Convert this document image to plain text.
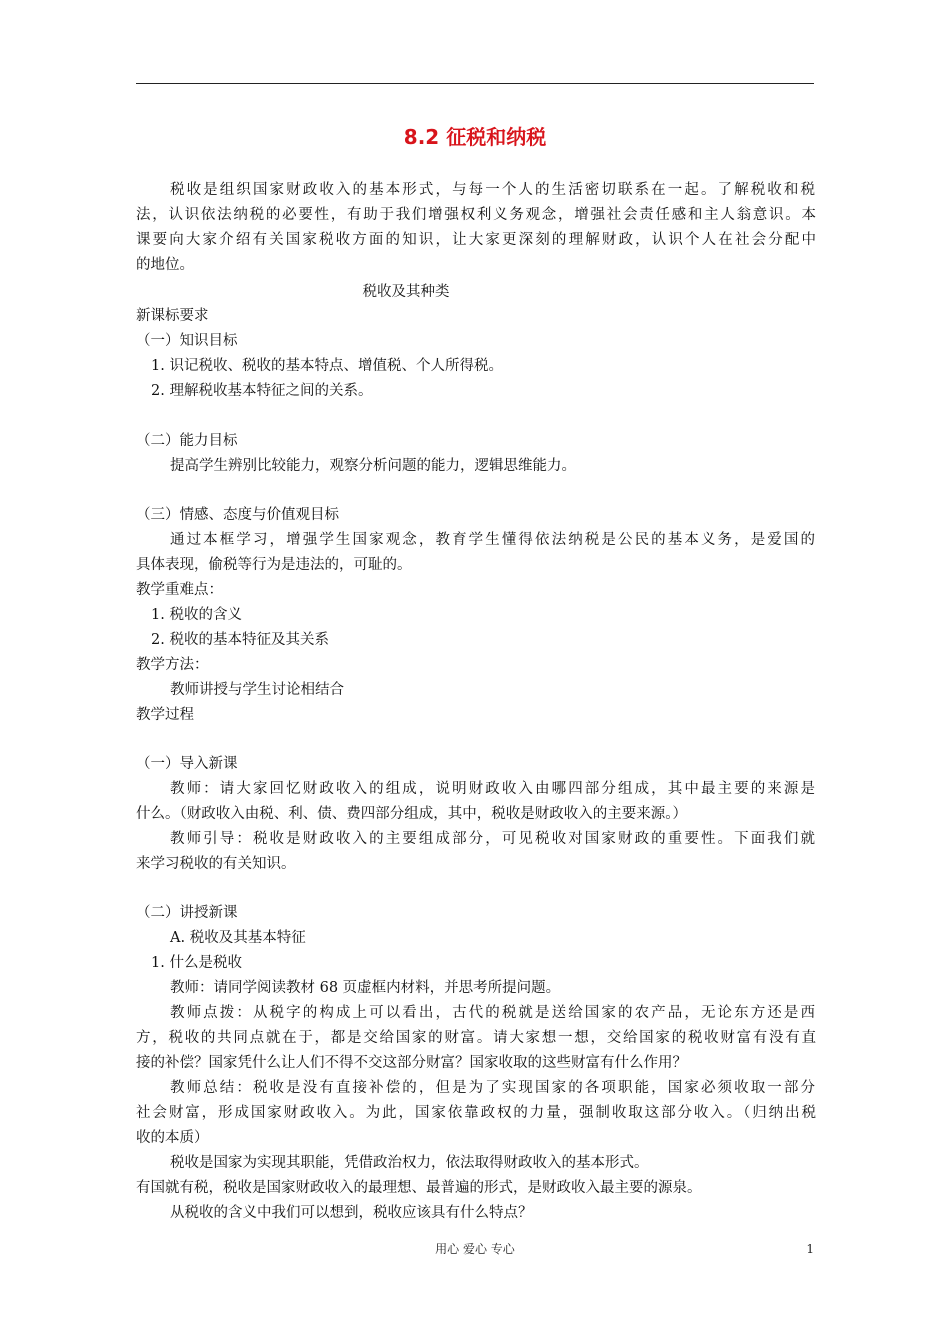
8.2 征税和纳税
税收是组织国家财政收入的基本形式，与每一个人的生活密切联系在一起。了解税收和税
法，认识依法纳税的必要性，有助于我们增强权利义务观念，增强社会责任感和主人翁意识。本
课要向大家介绍有关国家税收方面的知识，让大家更深刻的理解财政，认识个人在社会分配中
的地位。
税收及其种类
新课标要求
（一）知识目标
1. 识记税收、税收的基本特点、增值税、个人所得税。
2. 理解税收基本特征之间的关系。
（二）能力目标
提高学生辨别比较能力，观察分析问题的能力，逻辑思维能力。
（三）情感、态度与价值观目标
通过本框学习，增强学生国家观念，教育学生懂得依法纳税是公民的基本义务，是爱国的
具体表现，偷税等行为是违法的，可耻的。
教学重难点：
1. 税收的含义
2. 税收的基本特征及其关系
教学方法：
教师讲授与学生讨论相结合
教学过程
（一）导入新课
教师：请大家回忆财政收入的组成，说明财政收入由哪四部分组成，其中最主要的来源是
什么。（财政收入由税、利、债、费四部分组成，其中，税收是财政收入的主要来源。）
教师引导：税收是财政收入的主要组成部分，可见税收对国家财政的重要性。下面我们就
来学习税收的有关知识。
（二）讲授新课
A. 税收及其基本特征
1. 什么是税收
教师：请同学阅读教材 68 页虚框内材料，并思考所提问题。
教师点拨：从税字的构成上可以看出，古代的税就是送给国家的农产品，无论东方还是西
方，税收的共同点就在于，都是交给国家的财富。请大家想一想，交给国家的税收财富有没有直
接的补偿？国家凭什么让人们不得不交这部分财富？国家收取的这些财富有什么作用？
教师总结：税收是没有直接补偿的，但是为了实现国家的各项职能，国家必须收取一部分
社会财富，形成国家财政收入。为此，国家依靠政权的力量，强制收取这部分收入。（归纳出税
收的本质）
税收是国家为实现其职能，凭借政治权力，依法取得财政收入的基本形式。
有国就有税，税收是国家财政收入的最理想、最普遍的形式，是财政收入最主要的源泉。
从税收的含义中我们可以想到，税收应该具有什么特点？
用心 爱心 专心	1
